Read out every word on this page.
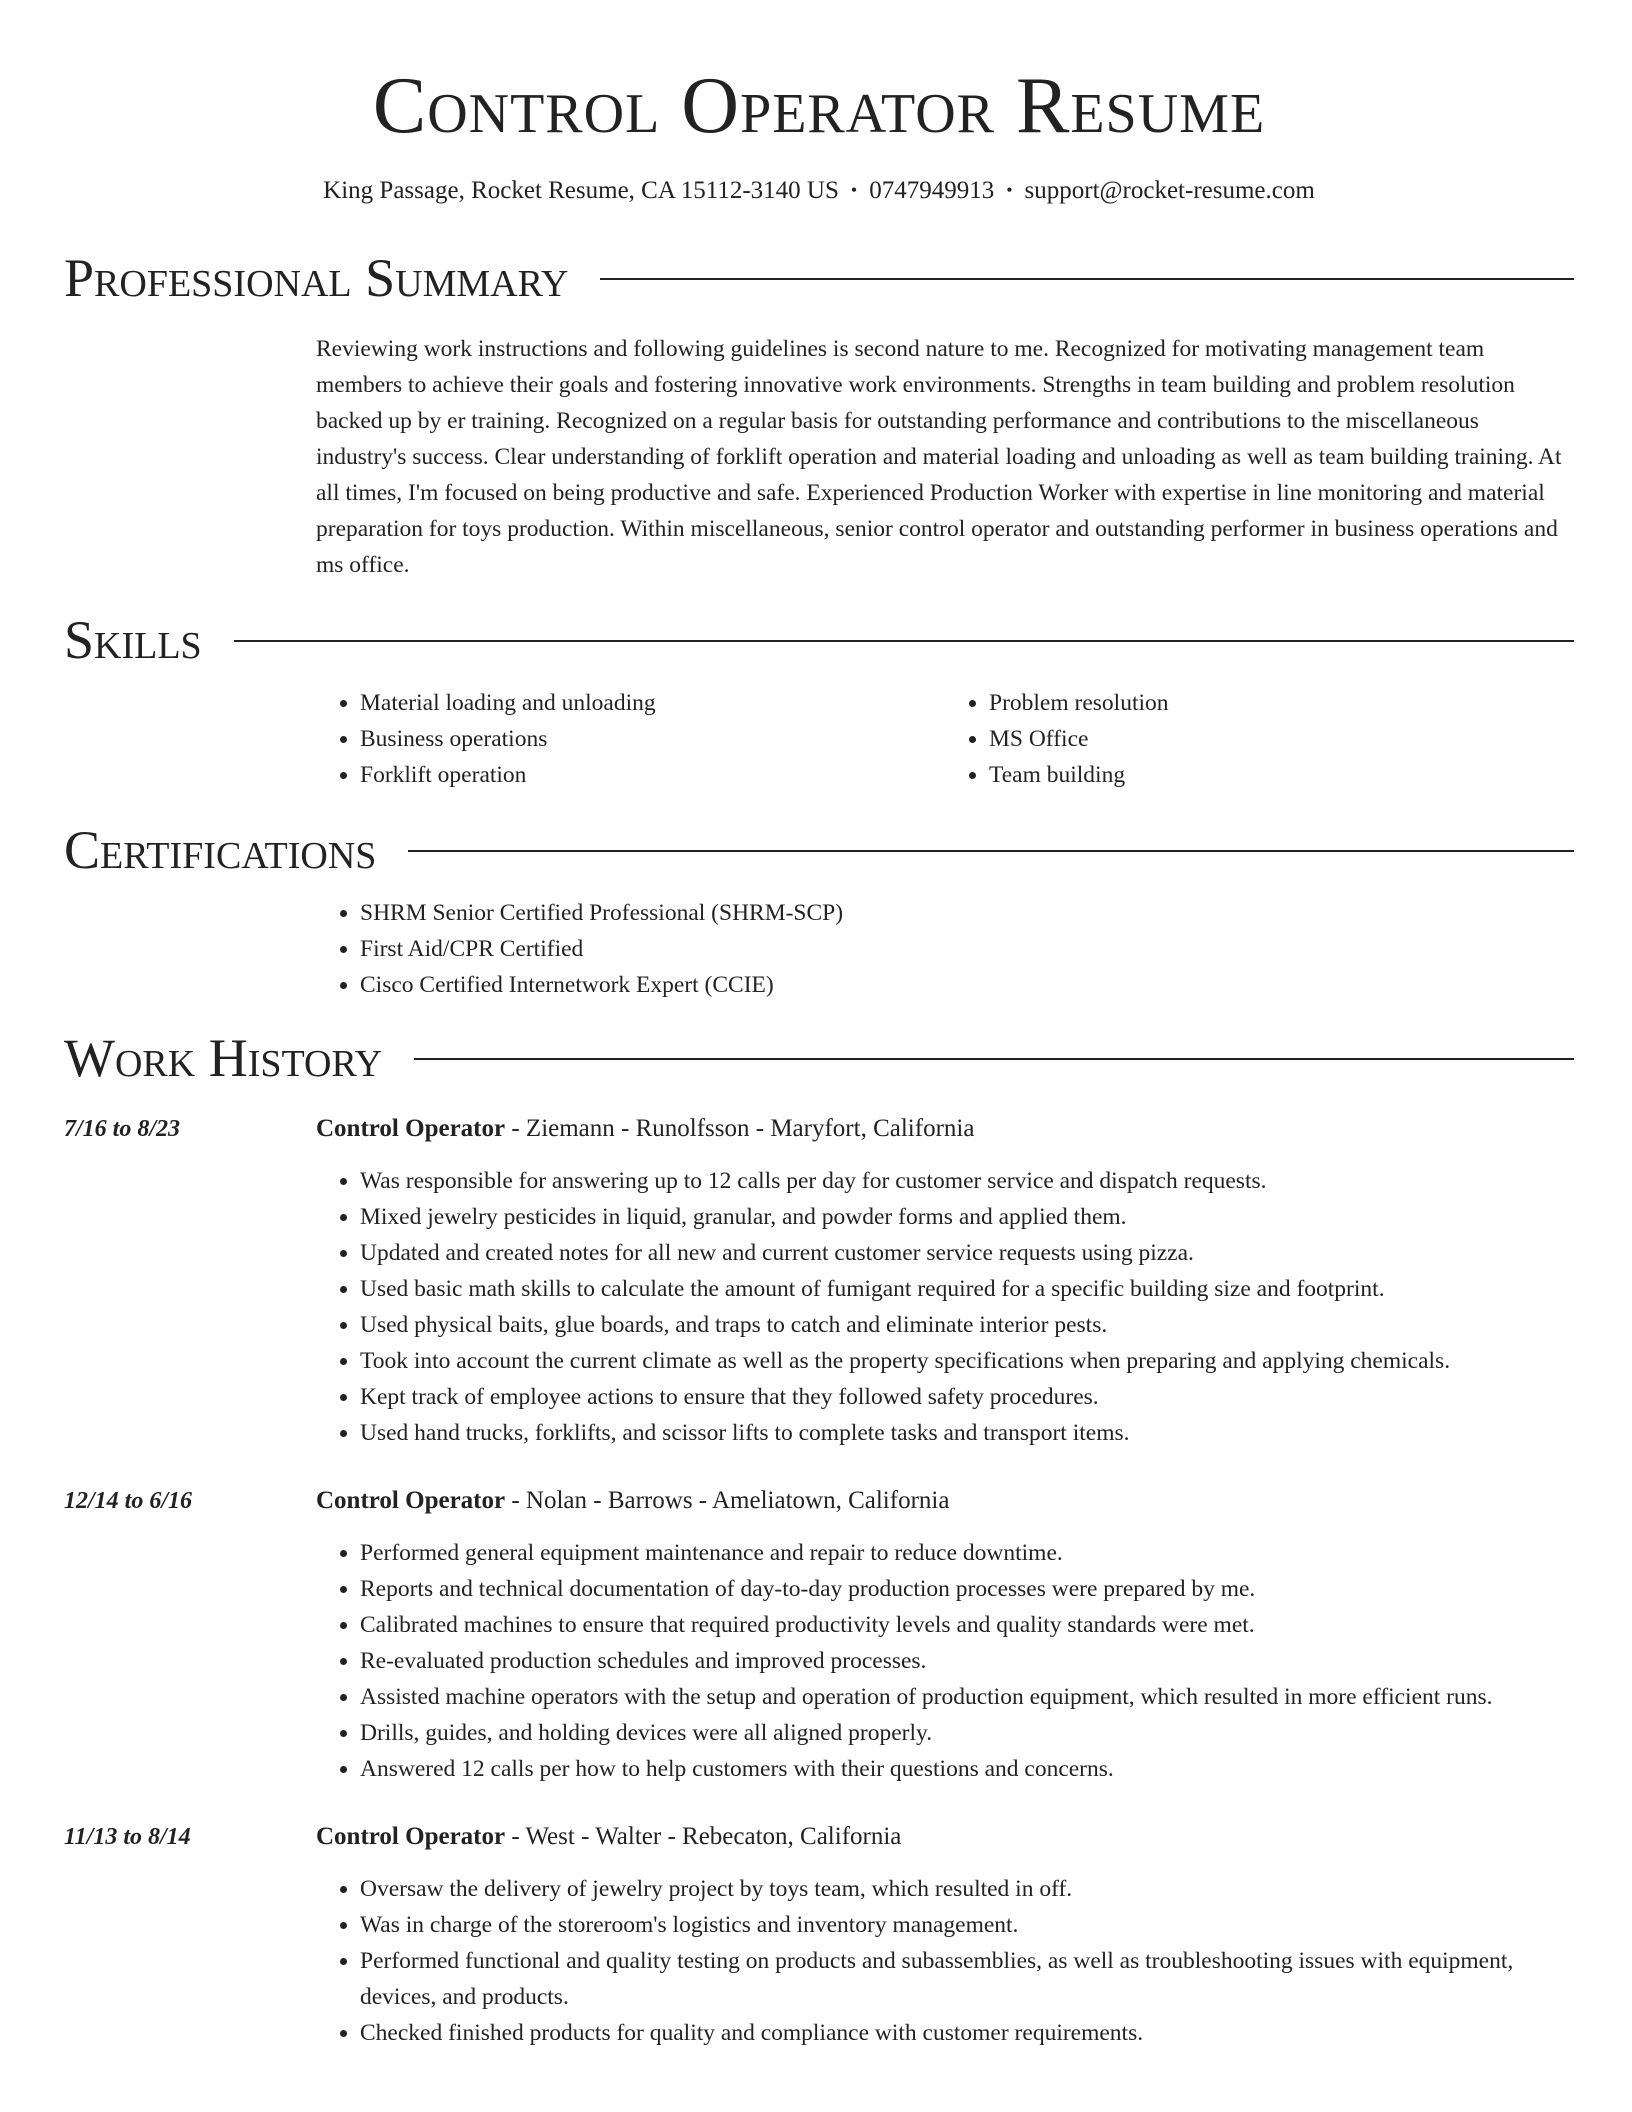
Control Operator Resume
King Passage, Rocket Resume, CA 15112-3140 US • 0747949913 • support@rocket-resume.com
Professional Summary
Reviewing work instructions and following guidelines is second nature to me. Recognized for motivating management team members to achieve their goals and fostering innovative work environments. Strengths in team building and problem resolution backed up by er training. Recognized on a regular basis for outstanding performance and contributions to the miscellaneous industry's success. Clear understanding of forklift operation and material loading and unloading as well as team building training. At all times, I'm focused on being productive and safe. Experienced Production Worker with expertise in line monitoring and material preparation for toys production. Within miscellaneous, senior control operator and outstanding performer in business operations and ms office.
Skills
• Material loading and unloading
• Business operations
• Forklift operation
• Problem resolution
• MS Office
• Team building
Certifications
• SHRM Senior Certified Professional (SHRM-SCP)
• First Aid/CPR Certified
• Cisco Certified Internetwork Expert (CCIE)
Work History
7/16 to 8/23	Control Operator - Ziemann - Runolfsson - Maryfort, California
• Was responsible for answering up to 12 calls per day for customer service and dispatch requests.
• Mixed jewelry pesticides in liquid, granular, and powder forms and applied them.
• Updated and created notes for all new and current customer service requests using pizza.
• Used basic math skills to calculate the amount of fumigant required for a specific building size and footprint.
• Used physical baits, glue boards, and traps to catch and eliminate interior pests.
• Took into account the current climate as well as the property specifications when preparing and applying chemicals.
• Kept track of employee actions to ensure that they followed safety procedures.
• Used hand trucks, forklifts, and scissor lifts to complete tasks and transport items.
12/14 to 6/16	Control Operator - Nolan - Barrows - Ameliatown, California
• Performed general equipment maintenance and repair to reduce downtime.
• Reports and technical documentation of day-to-day production processes were prepared by me.
• Calibrated machines to ensure that required productivity levels and quality standards were met.
• Re-evaluated production schedules and improved processes.
• Assisted machine operators with the setup and operation of production equipment, which resulted in more efficient runs.
• Drills, guides, and holding devices were all aligned properly.
• Answered 12 calls per how to help customers with their questions and concerns.
11/13 to 8/14	Control Operator - West - Walter - Rebecaton, California
• Oversaw the delivery of jewelry project by toys team, which resulted in off.
• Was in charge of the storeroom's logistics and inventory management.
• Performed functional and quality testing on products and subassemblies, as well as troubleshooting issues with equipment, devices, and products.
• Checked finished products for quality and compliance with customer requirements.
